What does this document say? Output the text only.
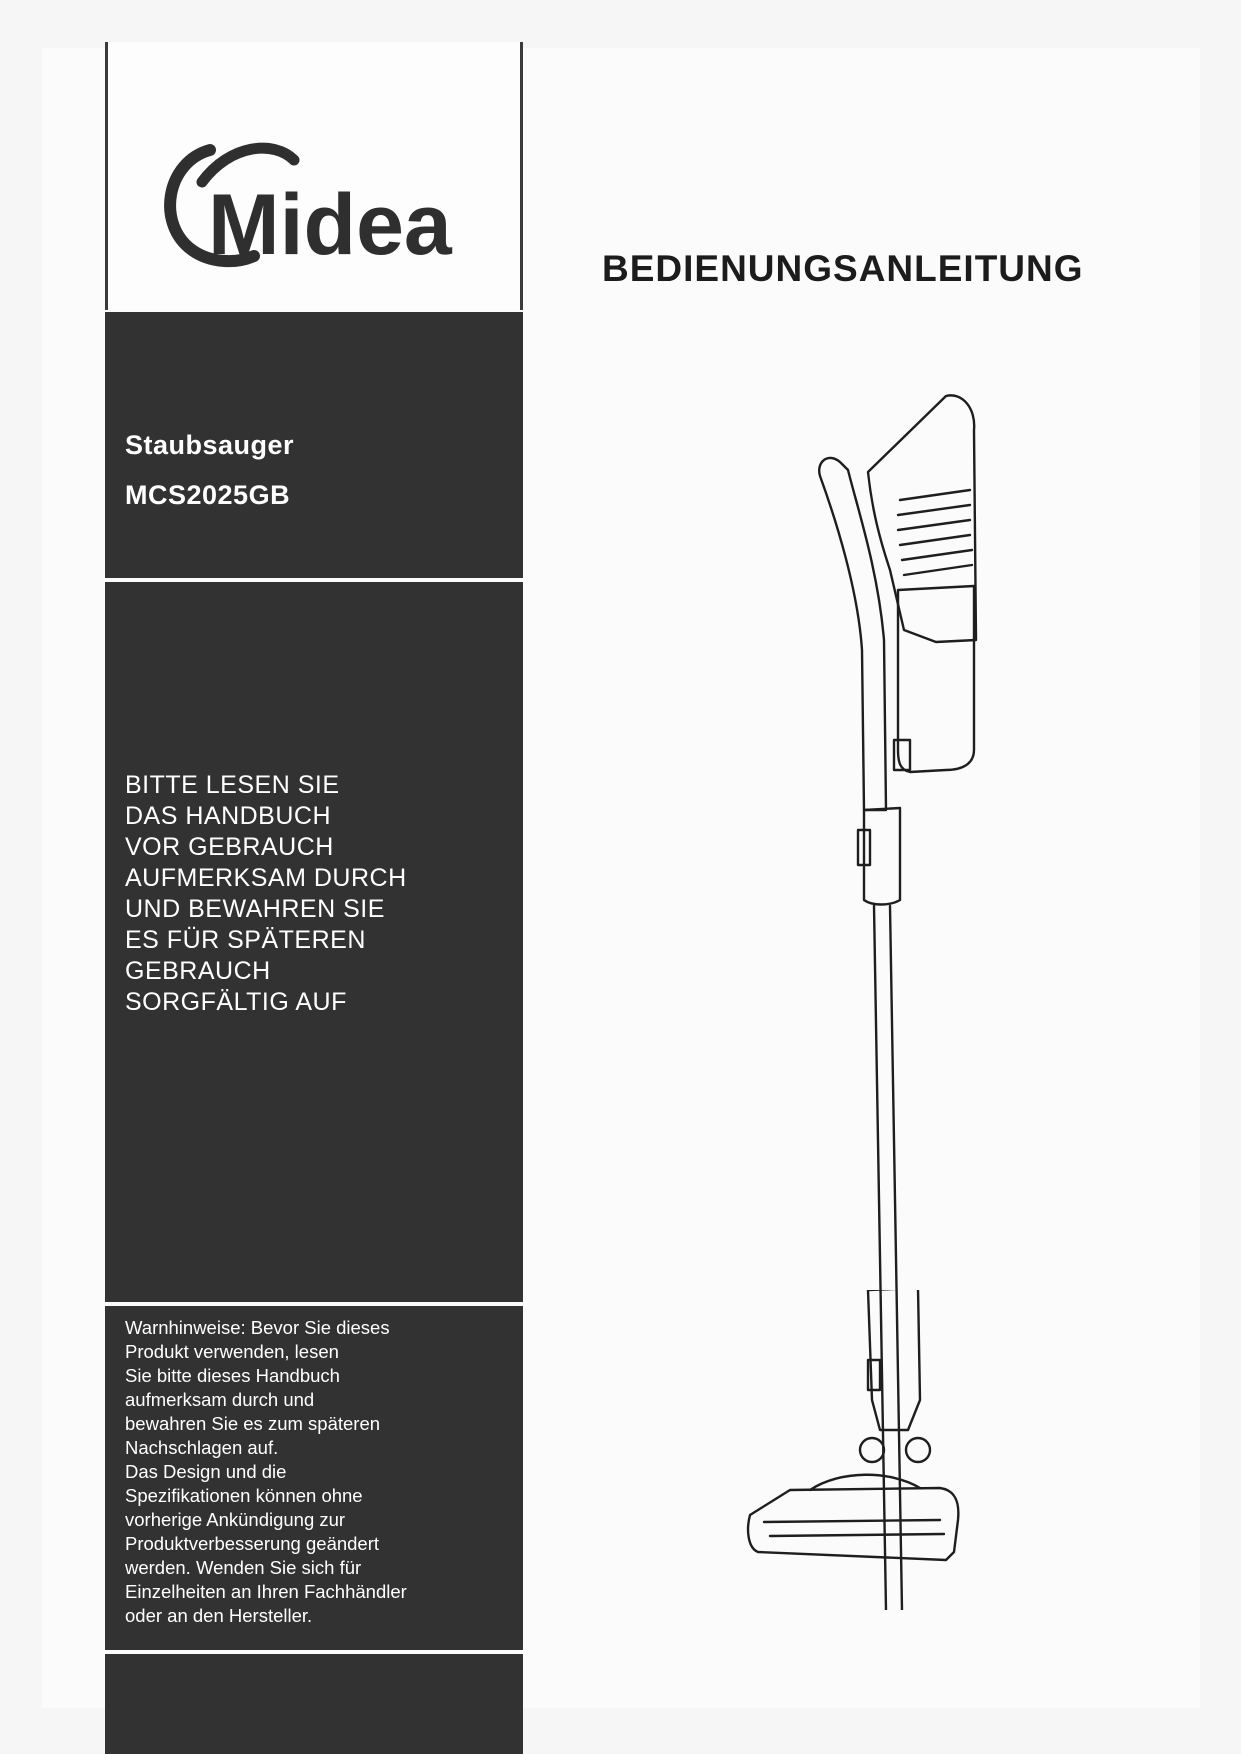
Midea
Staubsauger
MCS2025GB
BITTE LESEN SIE
DAS HANDBUCH
VOR GEBRAUCH
AUFMERKSAM DURCH
UND BEWAHREN SIE
ES FÜR SPÄTEREN
GEBRAUCH
SORGFÄLTIG AUF
Warnhinweise: Bevor Sie dieses
Produkt verwenden, lesen
Sie bitte dieses Handbuch
aufmerksam durch und
bewahren Sie es zum späteren
Nachschlagen auf.
Das Design und die
Spezifikationen können ohne
vorherige Ankündigung zur
Produktverbesserung geändert
werden. Wenden Sie sich für
Einzelheiten an Ihren Fachhändler
oder an den Hersteller.
BEDIENUNGSANLEITUNG
